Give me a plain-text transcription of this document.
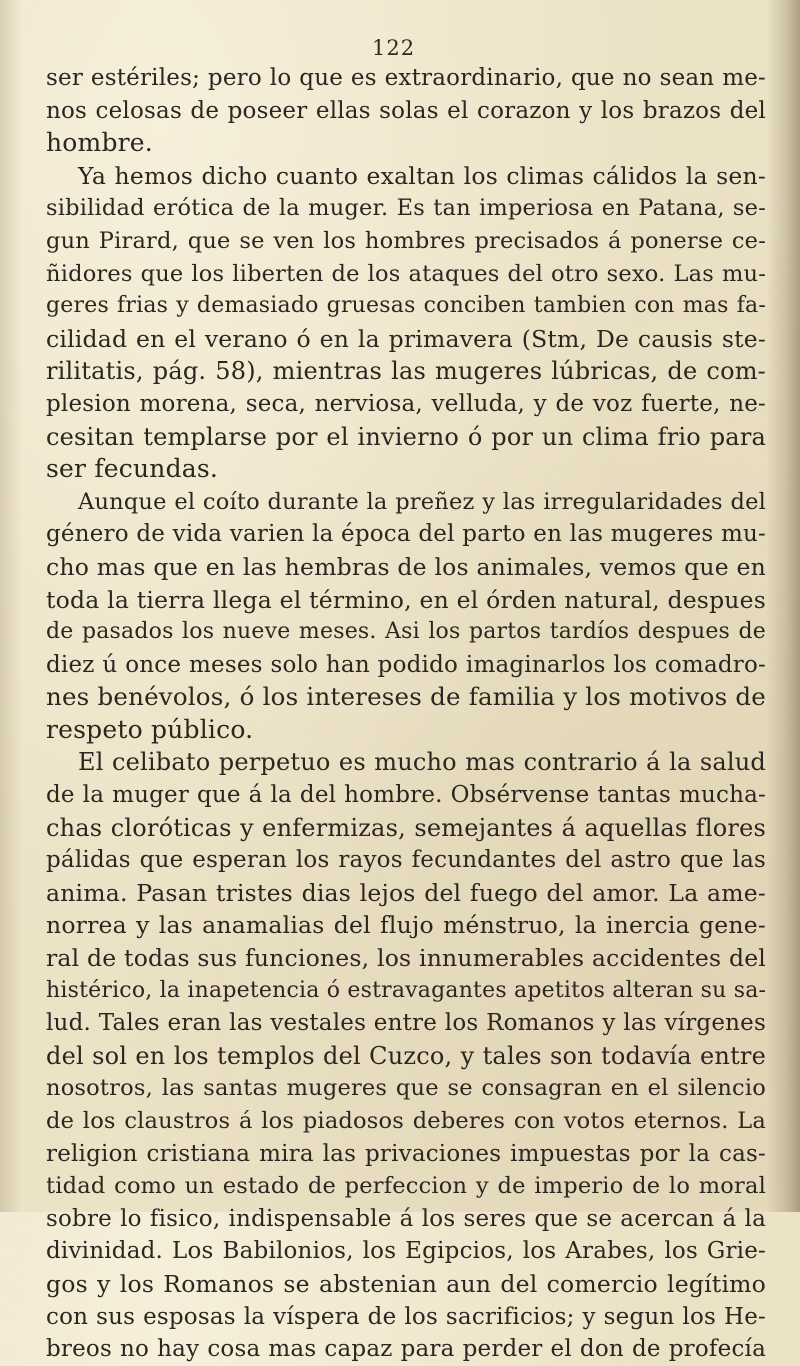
122
ser estériles; pero lo que es extraordinario, que no sean me-
nos celosas de poseer ellas solas el corazon y los brazos del
hombre.
Ya hemos dicho cuanto exaltan los climas cálidos la sen-
sibilidad erótica de la muger. Es tan imperiosa en Patana, se-
gun Pirard, que se ven los hombres precisados á ponerse ce-
ñidores que los liberten de los ataques del otro sexo. Las mu-
geres frias y demasiado gruesas conciben tambien con mas fa-
cilidad en el verano ó en la primavera (Stm, De causis ste-
rilitatis, pág. 58), mientras las mugeres lúbricas, de com-
plesion morena, seca, nerviosa, velluda, y de voz fuerte, ne-
cesitan templarse por el invierno ó por un clima frio para
ser fecundas.
Aunque el coíto durante la preñez y las irregularidades del
género de vida varien la época del parto en las mugeres mu-
cho mas que en las hembras de los animales, vemos que en
toda la tierra llega el término, en el órden natural, despues
de pasados los nueve meses. Asi los partos tardíos despues de
diez ú once meses solo han podido imaginarlos los comadro-
nes benévolos, ó los intereses de familia y los motivos de
respeto público.
El celibato perpetuo es mucho mas contrario á la salud
de la muger que á la del hombre. Obsérvense tantas mucha-
chas cloróticas y enfermizas, semejantes á aquellas flores
pálidas que esperan los rayos fecundantes del astro que las
anima. Pasan tristes dias lejos del fuego del amor. La ame-
norrea y las anamalias del flujo ménstruo, la inercia gene-
ral de todas sus funciones, los innumerables accidentes del
histérico, la inapetencia ó estravagantes apetitos alteran su sa-
lud. Tales eran las vestales entre los Romanos y las vírgenes
del sol en los templos del Cuzco, y tales son todavía entre
nosotros, las santas mugeres que se consagran en el silencio
de los claustros á los piadosos deberes con votos eternos. La
religion cristiana mira las privaciones impuestas por la cas-
tidad como un estado de perfeccion y de imperio de lo moral
sobre lo fisico, indispensable á los seres que se acercan á la
divinidad. Los Babilonios, los Egipcios, los Arabes, los Grie-
gos y los Romanos se abstenian aun del comercio legítimo
con sus esposas la víspera de los sacrificios; y segun los He-
breos no hay cosa mas capaz para perder el don de profecía
